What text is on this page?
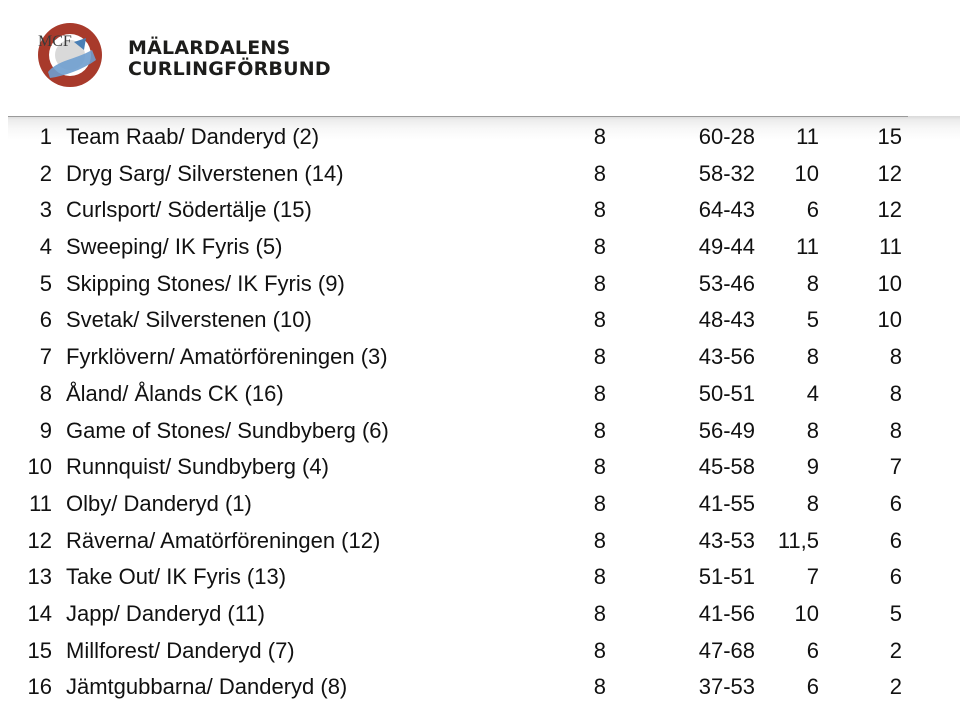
MCF	MÄLARDALENS
CURLINGFÖRBUND
1 Team Raab/ Danderyd (2)	8	60-28 11	15
2 Dryg Sarg/ Silverstenen (14)	8	58-32 10	12
3 Curlsport/ Södertälje (15)	8	64-43 6	12
4 Sweeping/ IK Fyris (5)	8	49-44 11	11
5 Skipping Stones/ IK Fyris (9)	8	53-46 8	10
6 Svetak/ Silverstenen (10)	8	48-43 5	10
7 Fyrklövern/ Amatörföreningen (3)	8	43-56 8	8
8 Åland/ Ålands CK (16)	8	50-51 4	8
9 Game of Stones/ Sundbyberg (6)	8	56-49 8	8
10 Runnquist/ Sundbyberg (4)	8	45-58 9	7
11 Olby/ Danderyd (1)	8	41-55 8	6
12 Räverna/ Amatörföreningen (12)	8	43-53 11,5	6
13 Take Out/ IK Fyris (13)	8	51-51 7	6
14 Japp/ Danderyd (11)	8	41-56 10	5
15 Millforest/ Danderyd (7)	8	47-68 6	2
16 Jämtgubbarna/ Danderyd (8)	8	37-53 6	2
